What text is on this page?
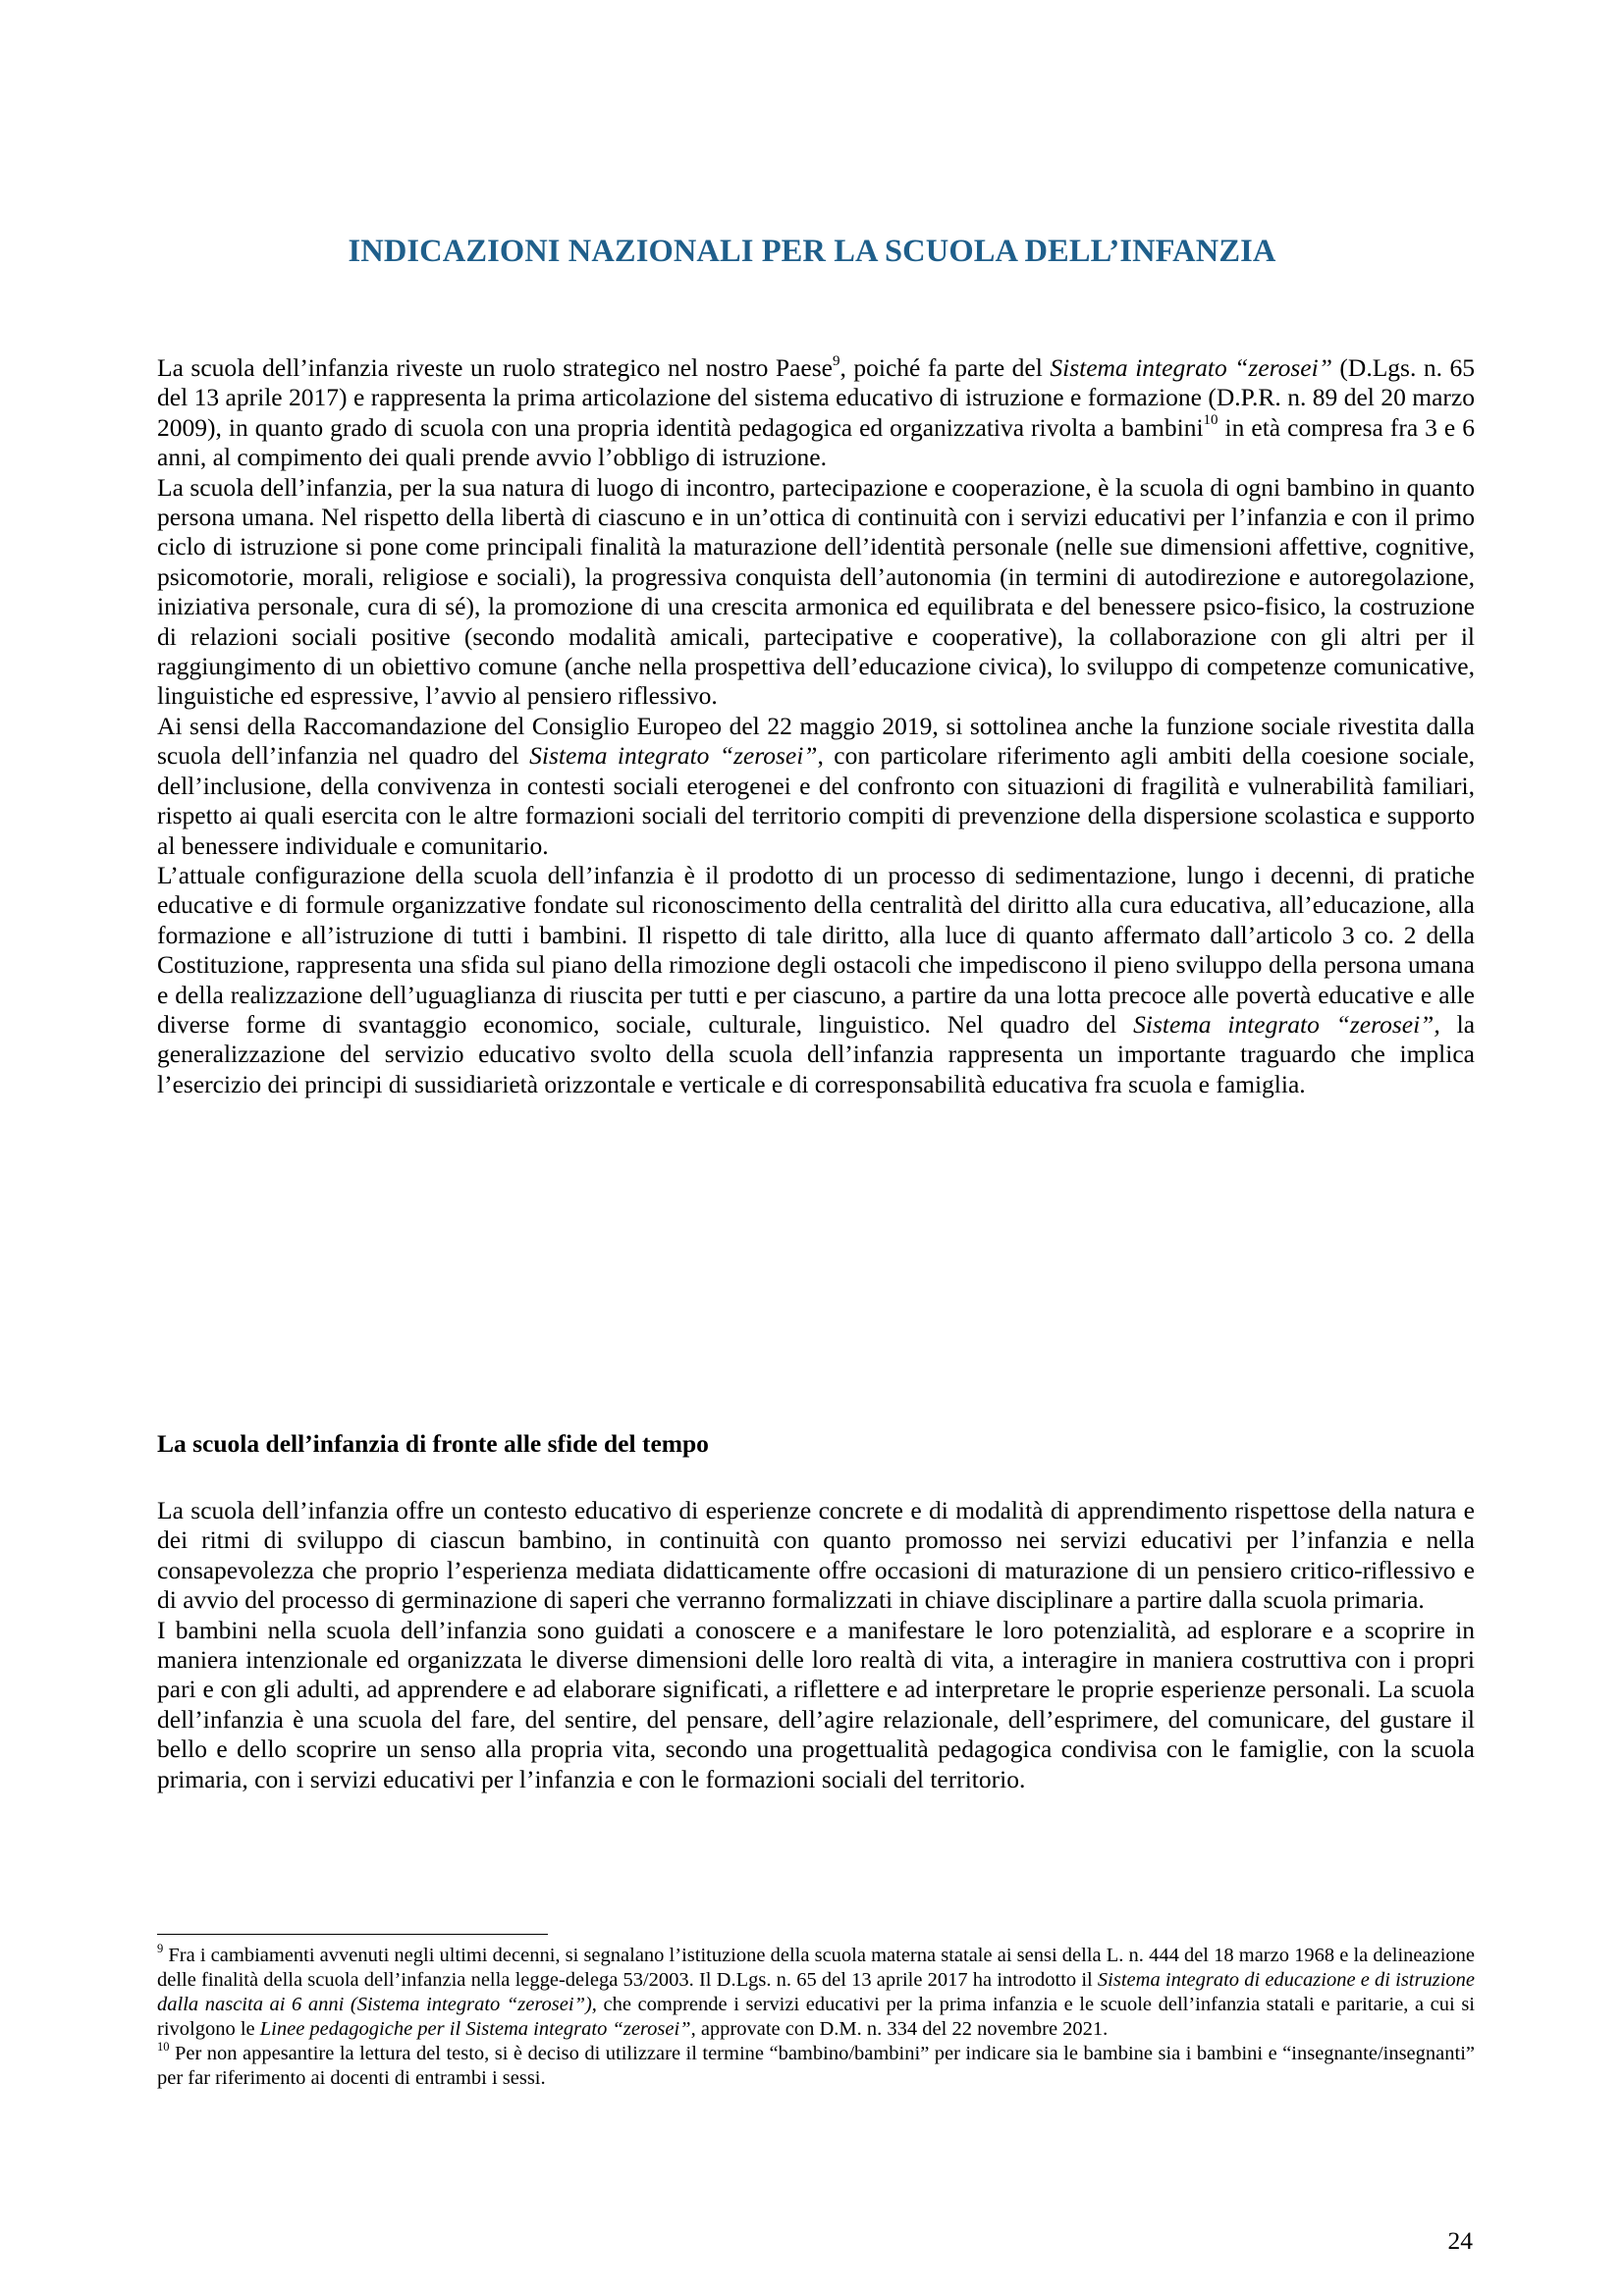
INDICAZIONI NAZIONALI PER LA SCUOLA DELL’INFANZIA

La scuola dell’infanzia riveste un ruolo strategico nel nostro Paese$^9$, poiché fa parte del Sistema integrato “zerosei” (D.Lgs. n. 65 del 13 aprile 2017) e rappresenta la prima articolazione del sistema educativo di istruzione e formazione (D.P.R. n. 89 del 20 marzo 2009), in quanto grado di scuola con una propria identità pedagogica ed organizzativa rivolta a bambini$^{10}$ in età compresa fra 3 e 6 anni, al compimento dei quali prende avvio l’obbligo di istruzione.

La scuola dell’infanzia, per la sua natura di luogo di incontro, partecipazione e cooperazione, è la scuola di ogni bambino in quanto persona umana. Nel rispetto della libertà di ciascuno e in un’ottica di continuità con i servizi educativi per l’infanzia e con il primo ciclo di istruzione si pone come principali finalità la maturazione dell’identità personale (nelle sue dimensioni affettive, cognitive, psicomotorie, morali, religiose e sociali), la progressiva conquista dell’autonomia (in termini di autodirezione e autoregolazione, iniziativa personale, cura di sé), la promozione di una crescita armonica ed equilibrata e del benessere psico-fisico, la costruzione di relazioni sociali positive (secondo modalità amicali, partecipative e cooperative), la collaborazione con gli altri per il raggiungimento di un obiettivo comune (anche nella prospettiva dell’educazione civica), lo sviluppo di competenze comunicative, linguistiche ed espressive, l’avvio al pensiero riflessivo.

Ai sensi della Raccomandazione del Consiglio Europeo del 22 maggio 2019, si sottolinea anche la funzione sociale rivestita dalla scuola dell’infanzia nel quadro del Sistema integrato “zerosei”, con particolare riferimento agli ambiti della coesione sociale, dell’inclusione, della convivenza in contesti sociali eterogenei e del confronto con situazioni di fragilità e vulnerabilità familiari, rispetto ai quali esercita con le altre formazioni sociali del territorio compiti di prevenzione della dispersione scolastica e supporto al benessere individuale e comunitario.

L’attuale configurazione della scuola dell’infanzia è il prodotto di un processo di sedimentazione, lungo i decenni, di pratiche educative e di formule organizzative fondate sul riconoscimento della centralità del diritto alla cura educativa, all’educazione, alla formazione e all’istruzione di tutti i bambini. Il rispetto di tale diritto, alla luce di quanto affermato dall’articolo 3 co. 2 della Costituzione, rappresenta una sfida sul piano della rimozione degli ostacoli che impediscono il pieno sviluppo della persona umana e della realizzazione dell’uguaglianza di riuscita per tutti e per ciascuno, a partire da una lotta precoce alle povertà educative e alle diverse forme di svantaggio economico, sociale, culturale, linguistico. Nel quadro del Sistema integrato “zerosei”, la generalizzazione del servizio educativo svolto della scuola dell’infanzia rappresenta un importante traguardo che implica l’esercizio dei principi di sussidiarietà orizzontale e verticale e di corresponsabilità educativa fra scuola e famiglia.

La scuola dell’infanzia di fronte alle sfide del tempo

La scuola dell’infanzia offre un contesto educativo di esperienze concrete e di modalità di apprendimento rispettose della natura e dei ritmi di sviluppo di ciascun bambino, in continuità con quanto promosso nei servizi educativi per l’infanzia e nella consapevolezza che proprio l’esperienza mediata didatticamente offre occasioni di maturazione di un pensiero critico-riflessivo e di avvio del processo di germinazione di saperi che verranno formalizzati in chiave disciplinare a partire dalla scuola primaria.

I bambini nella scuola dell’infanzia sono guidati a conoscere e a manifestare le loro potenzialità, ad esplorare e a scoprire in maniera intenzionale ed organizzata le diverse dimensioni delle loro realtà di vita, a interagire in maniera costruttiva con i propri pari e con gli adulti, ad apprendere e ad elaborare significati, a riflettere e ad interpretare le proprie esperienze personali. La scuola dell’infanzia è una scuola del fare, del sentire, del pensare, dell’agire relazionale, dell’esprimere, del comunicare, del gustare il bello e dello scoprire un senso alla propria vita, secondo una progettualità pedagogica condivisa con le famiglie, con la scuola primaria, con i servizi educativi per l’infanzia e con le formazioni sociali del territorio.

$^9$ Fra i cambiamenti avvenuti negli ultimi decenni, si segnalano l’istituzione della scuola materna statale ai sensi della L. n. 444 del 18 marzo 1968 e la delineazione delle finalità della scuola dell’infanzia nella legge-delega 53/2003. Il D.Lgs. n. 65 del 13 aprile 2017 ha introdotto il Sistema integrato di educazione e di istruzione dalla nascita ai 6 anni (Sistema integrato “zerosei”), che comprende i servizi educativi per la prima infanzia e le scuole dell’infanzia statali e paritarie, a cui si rivolgono le Linee pedagogiche per il Sistema integrato “zerosei”, approvate con D.M. n. 334 del 22 novembre 2021.

$^{10}$ Per non appesantire la lettura del testo, si è deciso di utilizzare il termine “bambino/bambini” per indicare sia le bambine sia i bambini e “insegnante/insegnanti” per far riferimento ai docenti di entrambi i sessi.

24
